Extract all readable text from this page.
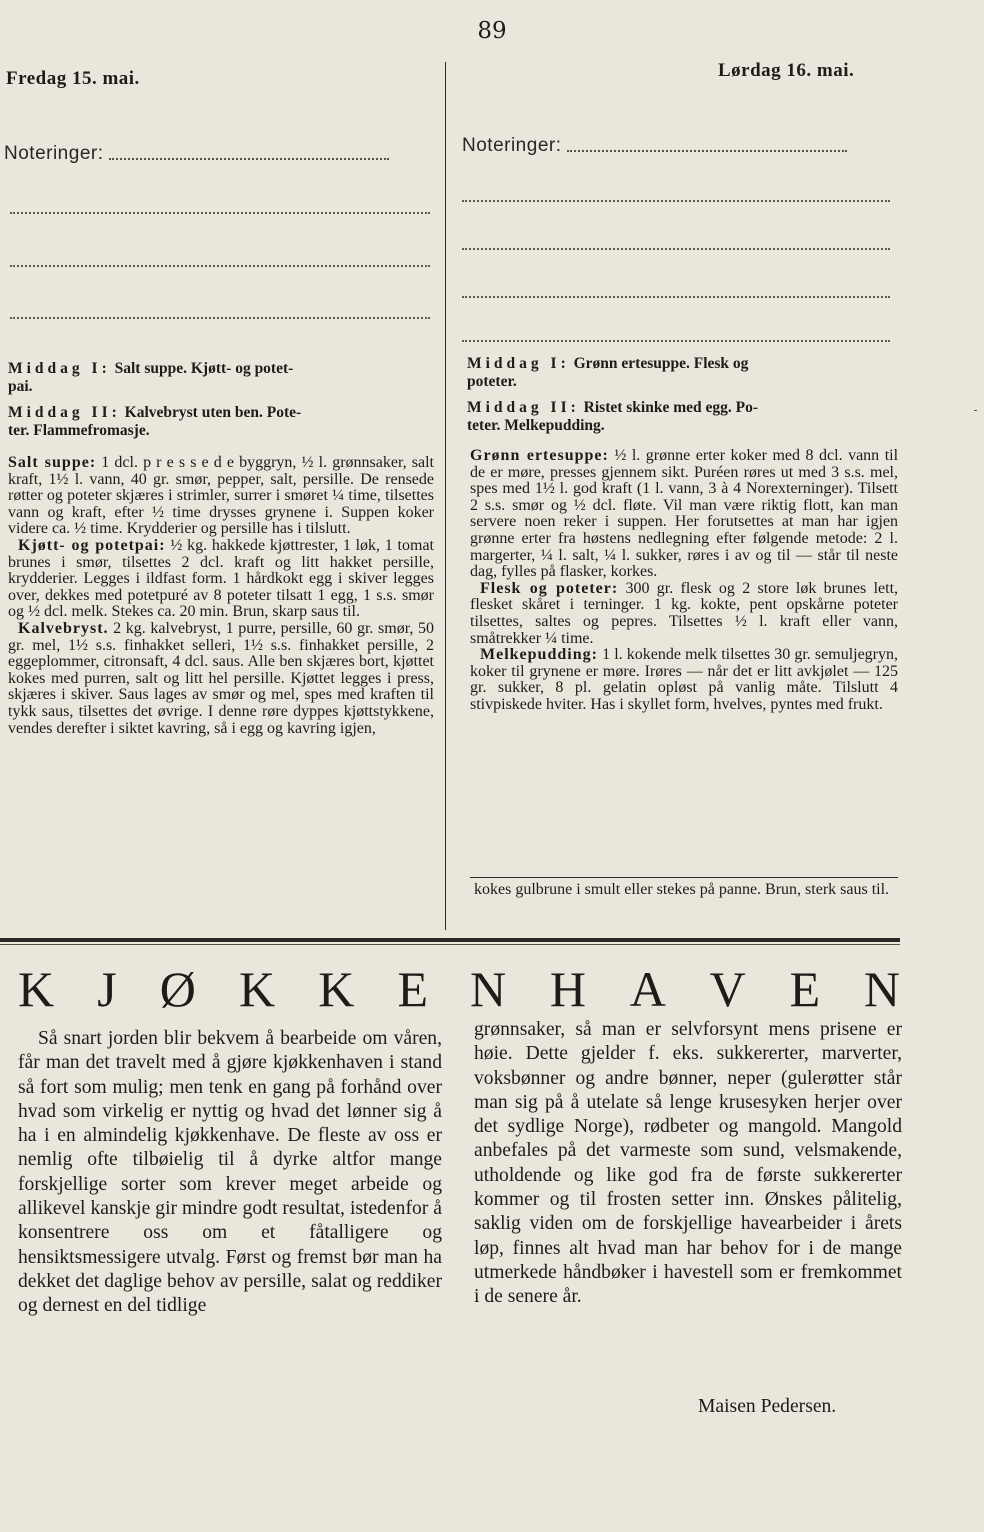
89
Fredag 15. mai.
Noteringer:
Middag I: Salt suppe. Kjøtt- og potet-
pai.
Middag II: Kalvebryst uten ben. Pote-
ter. Flammefromasje.

Salt suppe: 1 dcl. p r e s s e d e byggryn, ½ l. grønnsaker, salt kraft, 1½ l. vann, 40 gr. smør, pepper, salt, persille. De rensede røtter og poteter skjæres i strimler, surrer i smøret ¼ time, tilsettes vann og kraft, efter ½ time drysses grynene i. Suppen koker videre ca. ½ time. Krydderier og persille has i tilslutt.

Kjøtt- og potetpai: ½ kg. hakkede kjøttrester, 1 løk, 1 tomat brunes i smør, tilsettes 2 dcl. kraft og litt hakket persille, krydderier. Legges i ildfast form. 1 hårdkokt egg i skiver legges over, dekkes med potetpuré av 8 poteter tilsatt 1 egg, 1 s.s. smør og ½ dcl. melk. Stekes ca. 20 min. Brun, skarp saus til.

Kalvebryst. 2 kg. kalvebryst, 1 purre, persille, 60 gr. smør, 50 gr. mel, 1½ s.s. finhakket selleri, 1½ s.s. finhakket persille, 2 eggeplommer, citronsaft, 4 dcl. saus. Alle ben skjæres bort, kjøttet kokes med purren, salt og litt hel persille. Kjøttet legges i press, skjæres i skiver. Saus lages av smør og mel, spes med kraften til tykk saus, tilsettes det øvrige. I denne røre dyppes kjøttstykkene, vendes derefter i siktet kavring, så i egg og kavring igjen,

Lørdag 16. mai.
Noteringer:
Middag I: Grønn ertesuppe. Flesk og
poteter.
Middag II: Ristet skinke med egg. Po-
teter. Melkepudding.

Grønn ertesuppe: ½ l. grønne erter koker med 8 dcl. vann til de er møre, presses gjennem sikt. Puréen røres ut med 3 s.s. mel, spes med 1½ l. god kraft (1 l. vann, 3 à 4 Norexterninger). Tilsett 2 s.s. smør og ½ dcl. fløte. Vil man være riktig flott, kan man servere noen reker i suppen. Her forutsettes at man har igjen grønne erter fra høstens nedlegning efter følgende metode: 2 l. margerter, ¼ l. salt, ¼ l. sukker, røres i av og til — står til neste dag, fylles på flasker, korkes.

Flesk og poteter: 300 gr. flesk og 2 store løk brunes lett, flesket skåret i terninger. 1 kg. kokte, pent opskårne poteter tilsettes, saltes og pepres. Tilsettes ½ l. kraft eller vann, småtrekker ¼ time.

Melkepudding: 1 l. kokende melk tilsettes 30 gr. semuljegryn, koker til grynene er møre. Irøres — når det er litt avkjølet — 125 gr. sukker, 8 pl. gelatin opløst på vanlig måte. Tilslutt 4 stivpiskede hviter. Has i skyllet form, hvelves, pyntes med frukt.

kokes gulbrune i smult eller stekes på panne. Brun, sterk saus til.
K J Ø K K E N H A V E N

Så snart jorden blir bekvem å bearbeide om våren, får man det travelt med å gjøre kjøkkenhaven i stand så fort som mulig; men tenk en gang på forhånd over hvad som virkelig er nyttig og hvad det lønner sig å ha i en almindelig kjøkkenhave. De fleste av oss er nemlig ofte tilbøielig til å dyrke altfor mange forskjellige sorter som krever meget arbeide og allikevel kanskje gir mindre godt resultat, istedenfor å konsentrere oss om et fåtalligere og hensiktsmessigere utvalg. Først og fremst bør man ha dekket det daglige behov av persille, salat og reddiker og dernest en del tidlige

grønnsaker, så man er selvforsynt mens prisene er høie. Dette gjelder f. eks. sukkererter, marverter, voksbønner og andre bønner, neper (gulerøtter står man sig på å utelate så lenge krusesyken herjer over det sydlige Norge), rødbeter og mangold. Mangold anbefales på det varmeste som sund, velsmakende, utholdende og like god fra de første sukkererter kommer og til frosten setter inn. Ønskes pålitelig, saklig viden om de forskjellige havearbeider i årets løp, finnes alt hvad man har behov for i de mange utmerkede håndbøker i havestell som er fremkommet i de senere år.

Maisen Pedersen.
